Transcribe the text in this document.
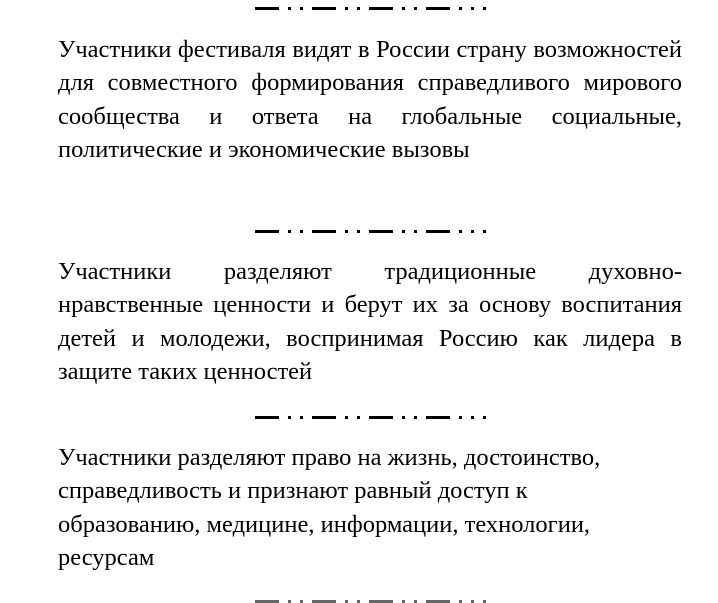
Участники фестиваля видят в России страну возможностей для совместного формирования справедливого мирового сообщества и ответа на глобальные социальные, политические и экономические вызовы

Участники разделяют традиционные духовно-нравственные ценности и берут их за основу воспитания детей и молодежи, воспринимая Россию как лидера в защите таких ценностей

Участники разделяют право на жизнь, достоинство, справедливость и признают равный доступ к образованию, медицине, информации, технологии, ресурсам
